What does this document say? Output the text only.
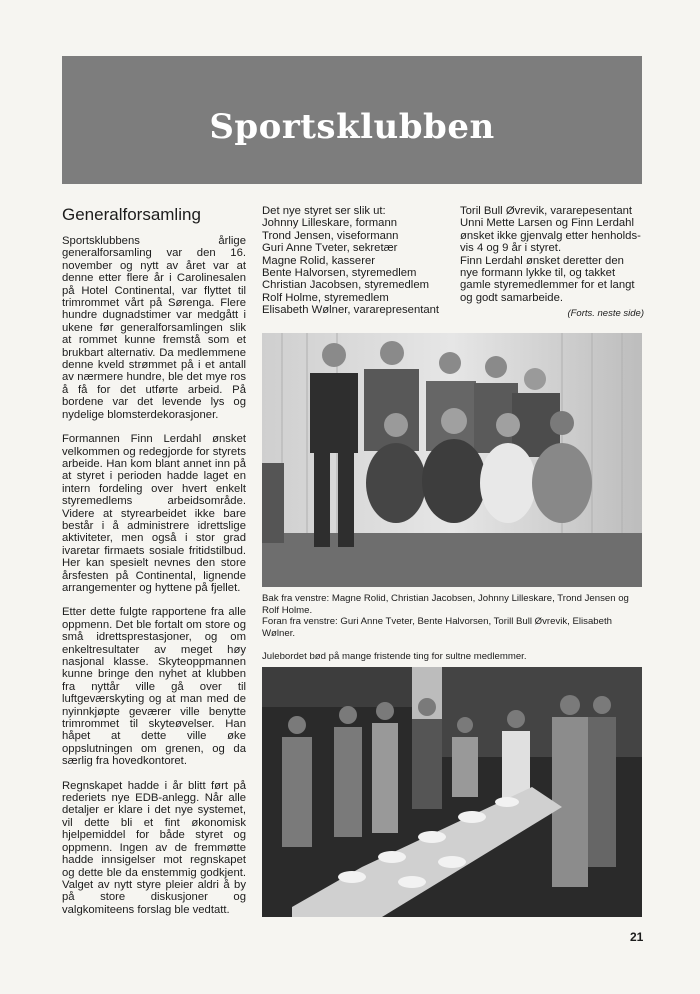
Sportsklubben
Generalforsamling

Sportsklubbens årlige generalforsamling var den 16. november og nytt av året var at denne etter flere år i Carolinesalen på Hotel Continental, var flyttet til trimrommet vårt på Sørenga. Flere hundre dugnadstimer var medgått i ukene før generalforsamlingen slik at rommet kunne fremstå som et brukbart alternativ. Da medlemmene denne kveld strømmet på i et antall av nærmere hundre, ble det mye ros å få for det utførte arbeid. På bordene var det levende lys og nydelige blomsterdekorasjoner.

Formannen Finn Lerdahl ønsket velkommen og redegjorde for styrets arbeide. Han kom blant annet inn på at styret i perioden hadde laget en intern fordeling over hvert enkelt styremedlems arbeidsområde. Videre at styrearbeidet ikke bare består i å administrere idrettslige aktiviteter, men også i stor grad ivaretar firmaets sosiale fritidstilbud. Her kan spesielt nevnes den store årsfesten på Continental, lignende arrangementer og hyttene på fjellet.

Etter dette fulgte rapportene fra alle oppmenn. Det ble fortalt om store og små idrettsprestasjoner, og om enkeltresultater av meget høy nasjonal klasse. Skyteoppmannen kunne bringe den nyhet at klubben fra nyttår ville gå over til luftgeværskyting og at man med de nyinnkjøpte geværer ville benytte trimrommet til skyteøvelser. Han håpet at dette ville øke oppslutningen om grenen, og da særlig fra hovedkontoret.

Regnskapet hadde i år blitt ført på rederiets nye EDB-anlegg. Når alle detaljer er klare i det nye systemet, vil dette bli et fint økonomisk hjelpemiddel for både styret og oppmenn. Ingen av de fremmøtte hadde innsigelser mot regnskapet og dette ble da enstemmig godkjent. Valget av nytt styre pleier aldri å by på store diskusjoner og valgkomiteens forslag ble vedtatt.

Det nye styret ser slik ut:
Johnny Lilleskare, formann
Trond Jensen, viseformann
Guri Anne Tveter, sekretær
Magne Rolid, kasserer
Bente Halvorsen, styremedlem
Christian Jacobsen, styremedlem
Rolf Holme, styremedlem
Elisabeth Wølner, vararepresentant
Toril Bull Øvrevik, vararepesentant
Unni Mette Larsen og Finn Lerdahl
ønsket ikke gjenvalg etter henholds-
vis 4 og 9 år i styret.
Finn Lerdahl ønsket deretter den nye formann lykke til, og takket gamle styremedlemmer for et langt og godt samarbeide.
(Forts. neste side)
Bak fra venstre: Magne Rolid, Christian Jacobsen, Johnny Lilleskare, Trond Jensen og Rolf Holme.
Foran fra venstre: Guri Anne Tveter, Bente Halvorsen, Torill Bull Øvrevik, Elisabeth Wølner.
Julebordet bød på mange fristende ting for sultne medlemmer.
21
